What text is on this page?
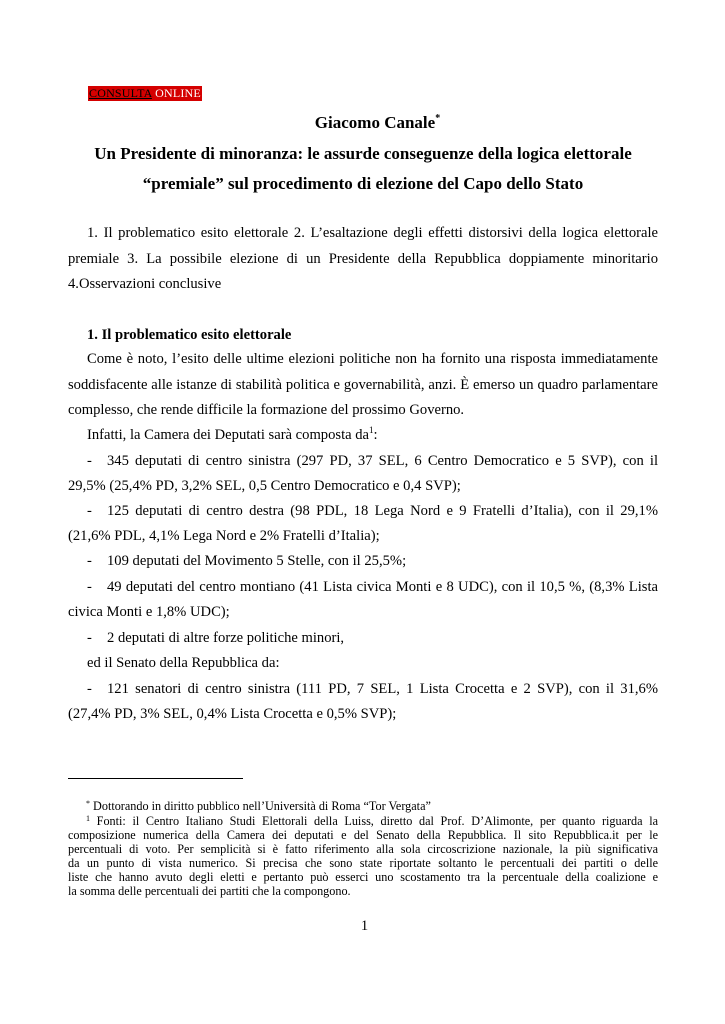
CONSULTA ONLINE
Giacomo Canale*
Un Presidente di minoranza: le assurde conseguenze della logica elettorale
“premiale” sul procedimento di elezione del Capo dello Stato
1. Il problematico esito elettorale 2. L’esaltazione degli effetti distorsivi della logica elettorale
premiale 3. La possibile elezione di un Presidente della Repubblica doppiamente minoritario
4.Osservazioni conclusive
1. Il problematico esito elettorale
Come è noto, l’esito delle ultime elezioni politiche non ha fornito una risposta immediatamente
soddisfacente alle istanze di stabilità politica e governabilità, anzi. È emerso un quadro parlamentare
complesso, che rende difficile la formazione del prossimo Governo.
Infatti, la Camera dei Deputati sarà composta da$^1$:
- 345 deputati di centro sinistra (297 PD, 37 SEL, 6 Centro Democratico e 5 SVP), con il
29,5% (25,4% PD, 3,2% SEL, 0,5 Centro Democratico e 0,4 SVP);
- 125 deputati di centro destra (98 PDL, 18 Lega Nord e 9 Fratelli d’Italia), con il 29,1%
(21,6% PDL, 4,1% Lega Nord e 2% Fratelli d’Italia);
- 109 deputati del Movimento 5 Stelle, con il 25,5%;
- 49 deputati del centro montiano (41 Lista civica Monti e 8 UDC), con il 10,5 %, (8,3% Lista
civica Monti e 1,8% UDC);
- 2 deputati di altre forze politiche minori,
ed il Senato della Repubblica da:
- 121 senatori di centro sinistra (111 PD, 7 SEL, 1 Lista Crocetta e 2 SVP), con il 31,6%
(27,4% PD, 3% SEL, 0,4% Lista Crocetta e 0,5% SVP);
* Dottorando in diritto pubblico nell’Università di Roma “Tor Vergata”
$^1$ Fonti: il Centro Italiano Studi Elettorali della Luiss, diretto dal Prof. D’Alimonte, per quanto riguarda la
composizione numerica della Camera dei deputati e del Senato della Repubblica. Il sito Repubblica.it per le
percentuali di voto. Per semplicità si è fatto riferimento alla sola circoscrizione nazionale, la più significativa
da un punto di vista numerico. Si precisa che sono state riportate soltanto le percentuali dei partiti o delle
liste che hanno avuto degli eletti e pertanto può esserci uno scostamento tra la percentuale della coalizione e
la somma delle percentuali dei partiti che la compongono.
1
